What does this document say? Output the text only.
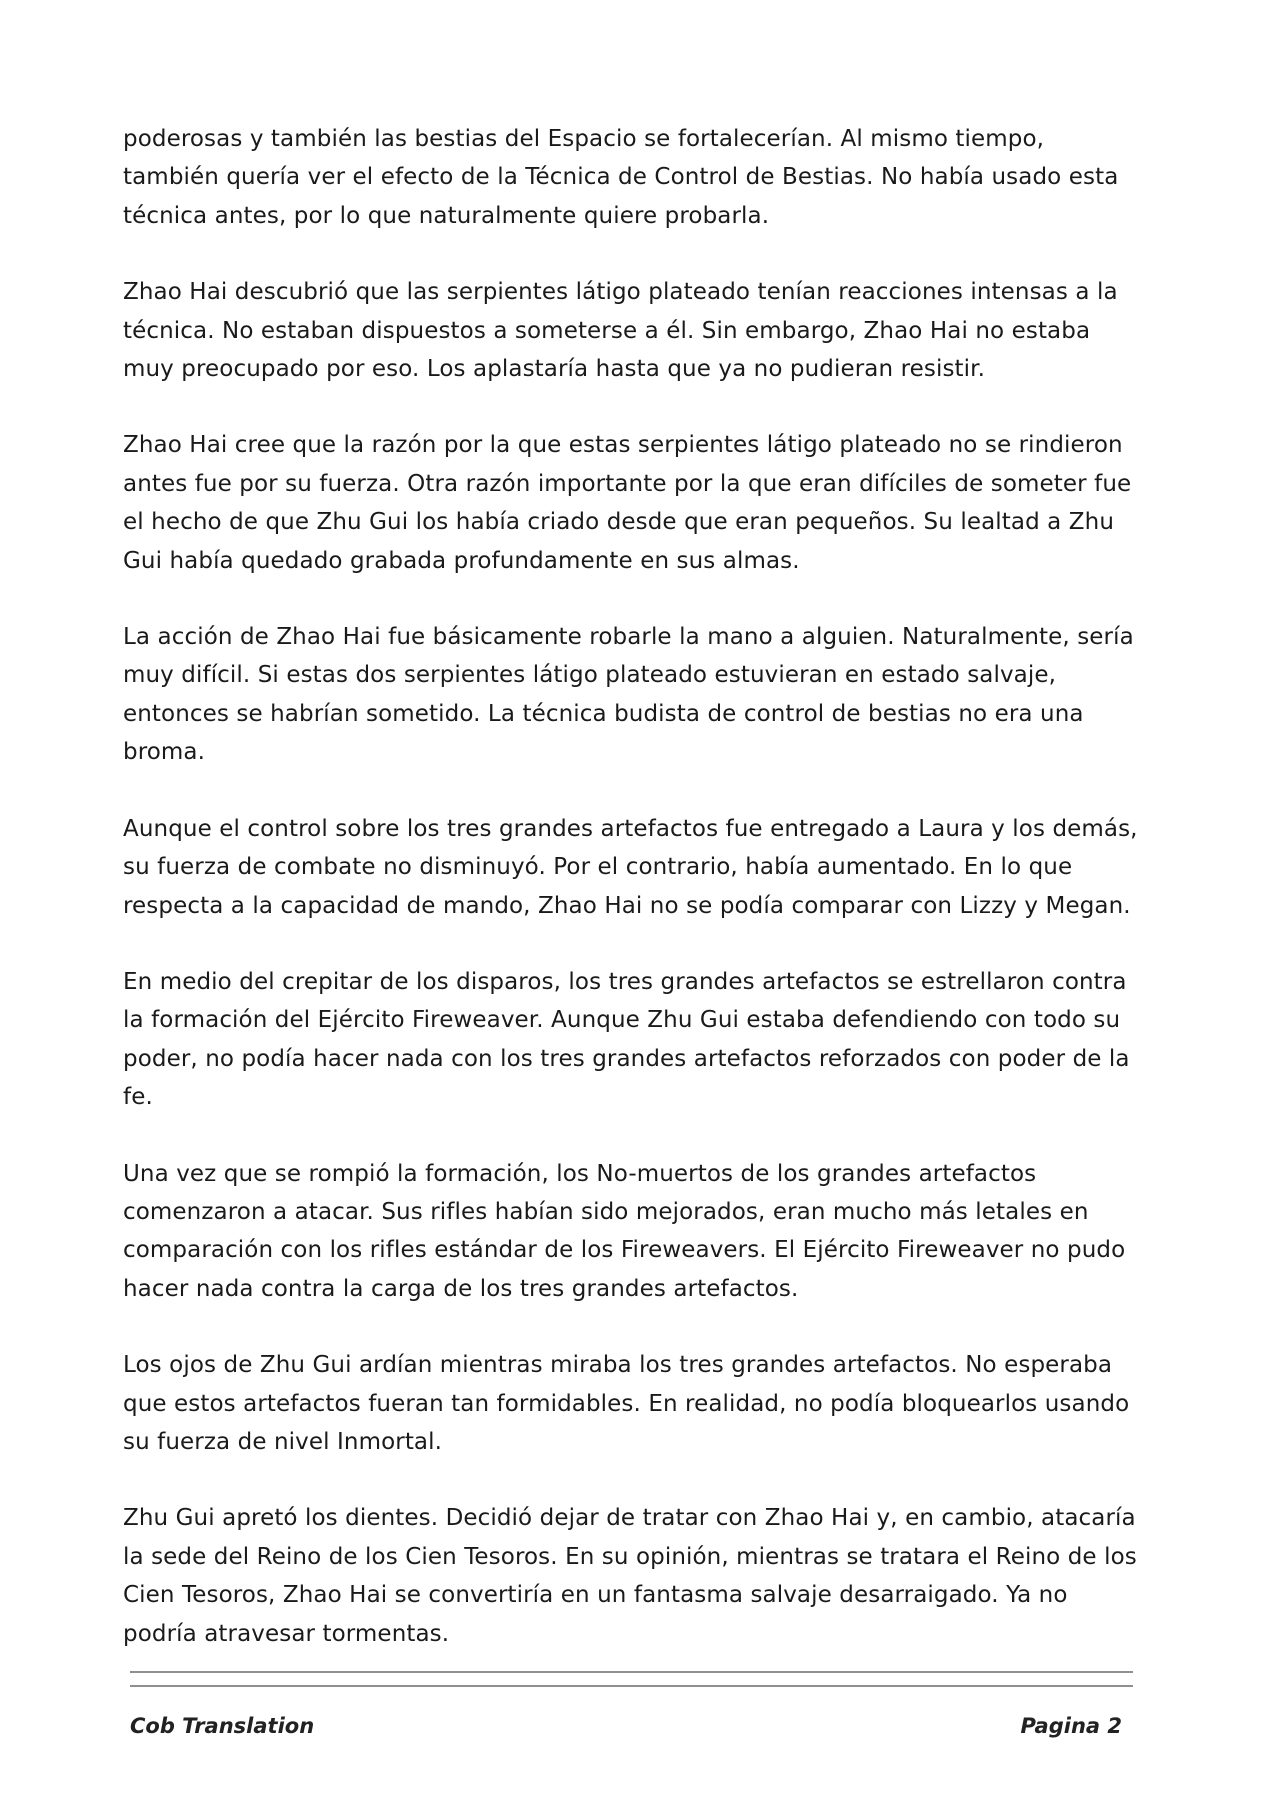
poderosas y también las bestias del Espacio se fortalecerían. Al mismo tiempo, también quería ver el efecto de la Técnica de Control de Bestias. No había usado esta técnica antes, por lo que naturalmente quiere probarla.

Zhao Hai descubrió que las serpientes látigo plateado tenían reacciones intensas a la técnica. No estaban dispuestos a someterse a él. Sin embargo, Zhao Hai no estaba muy preocupado por eso. Los aplastaría hasta que ya no pudieran resistir.

Zhao Hai cree que la razón por la que estas serpientes látigo plateado no se rindieron antes fue por su fuerza. Otra razón importante por la que eran difíciles de someter fue el hecho de que Zhu Gui los había criado desde que eran pequeños. Su lealtad a Zhu Gui había quedado grabada profundamente en sus almas.

La acción de Zhao Hai fue básicamente robarle la mano a alguien. Naturalmente, sería muy difícil. Si estas dos serpientes látigo plateado estuvieran en estado salvaje, entonces se habrían sometido. La técnica budista de control de bestias no era una broma.

Aunque el control sobre los tres grandes artefactos fue entregado a Laura y los demás, su fuerza de combate no disminuyó. Por el contrario, había aumentado. En lo que respecta a la capacidad de mando, Zhao Hai no se podía comparar con Lizzy y Megan.

En medio del crepitar de los disparos, los tres grandes artefactos se estrellaron contra la formación del Ejército Fireweaver. Aunque Zhu Gui estaba defendiendo con todo su poder, no podía hacer nada con los tres grandes artefactos reforzados con poder de la fe.

Una vez que se rompió la formación, los No-muertos de los grandes artefactos comenzaron a atacar. Sus rifles habían sido mejorados, eran mucho más letales en comparación con los rifles estándar de los Fireweavers. El Ejército Fireweaver no pudo hacer nada contra la carga de los tres grandes artefactos.

Los ojos de Zhu Gui ardían mientras miraba los tres grandes artefactos. No esperaba que estos artefactos fueran tan formidables. En realidad, no podía bloquearlos usando su fuerza de nivel Inmortal.

Zhu Gui apretó los dientes. Decidió dejar de tratar con Zhao Hai y, en cambio, atacaría la sede del Reino de los Cien Tesoros. En su opinión, mientras se tratara el Reino de los Cien Tesoros, Zhao Hai se convertiría en un fantasma salvaje desarraigado. Ya no podría atravesar tormentas.

Cob Translation	Pagina 2
